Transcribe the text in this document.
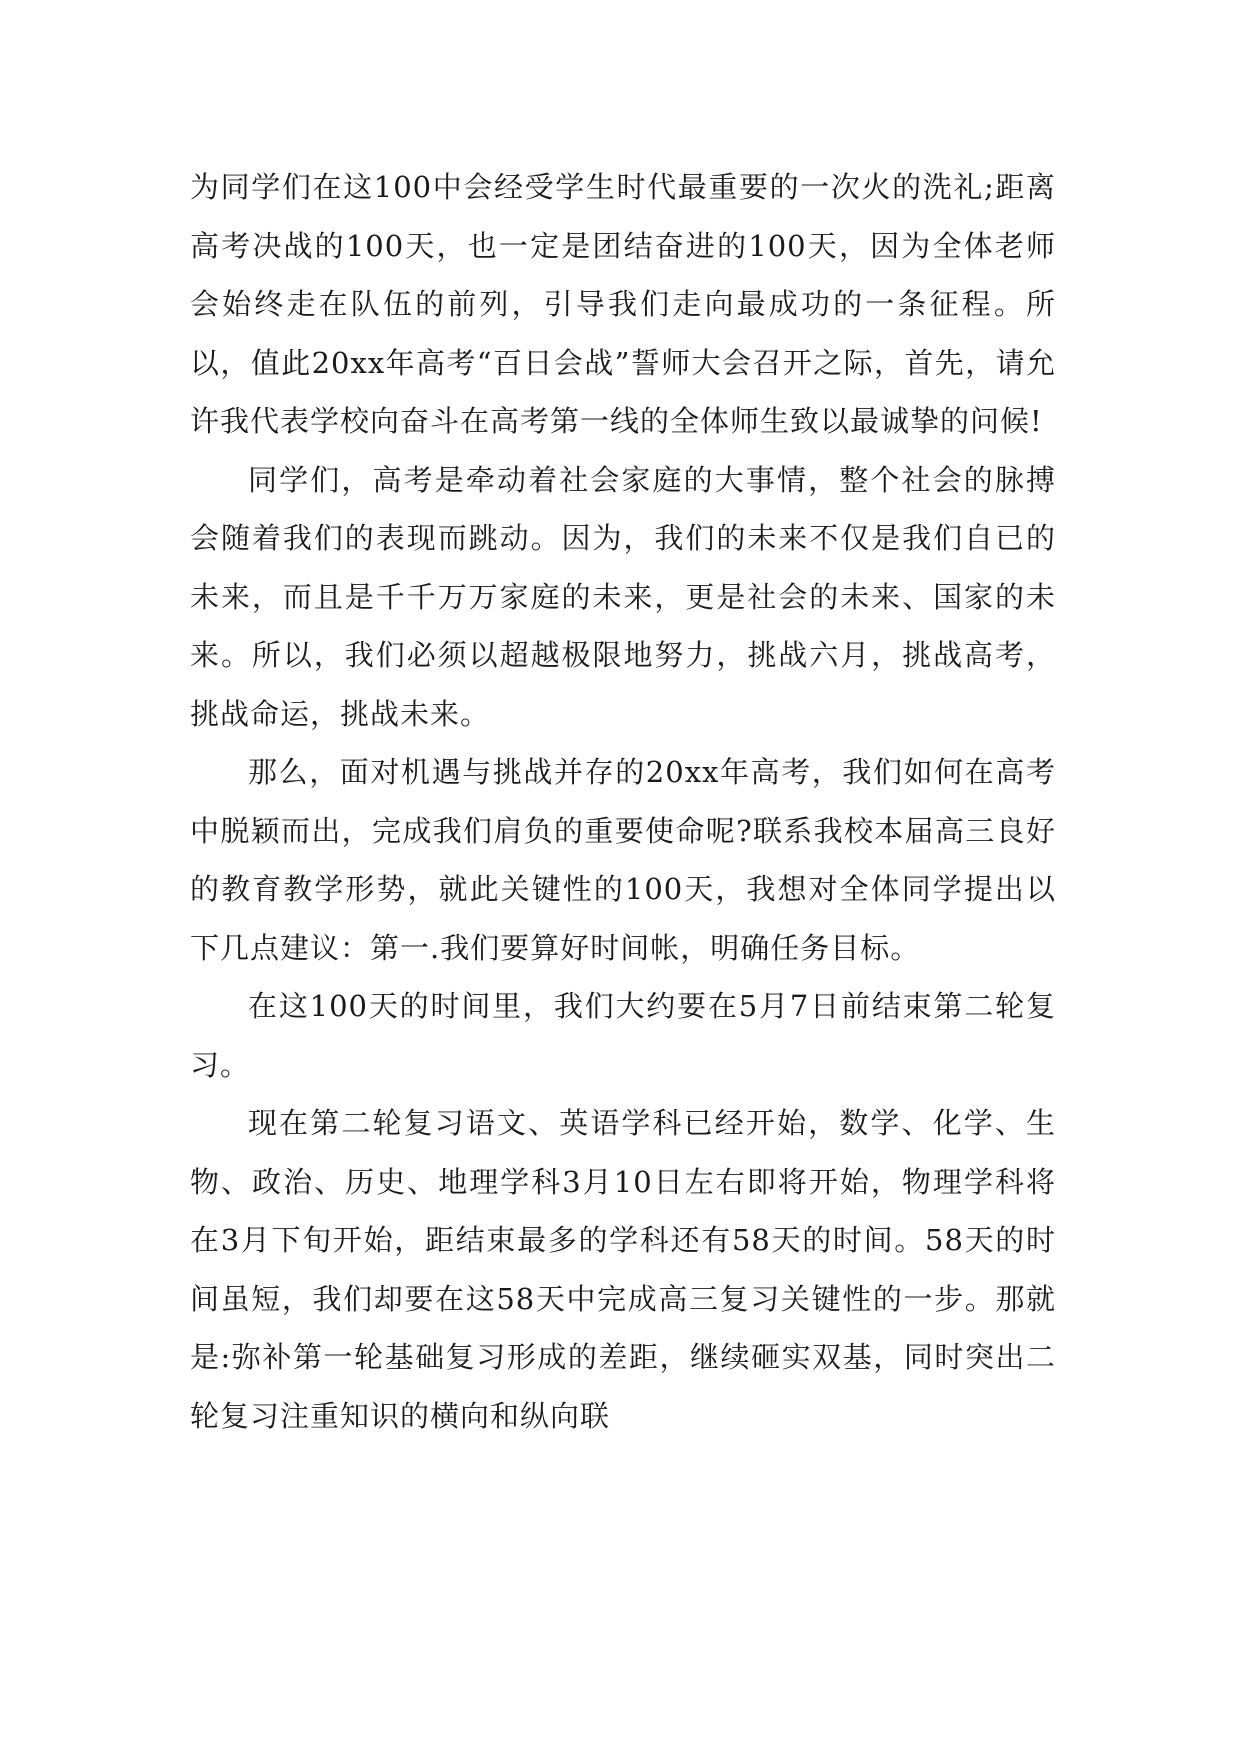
为同学们在这100中会经受学生时代最重要的一次火的洗礼;距离高考决战的100天，也一定是团结奋进的100天，因为全体老师会始终走在队伍的前列，引导我们走向最成功的一条征程。所以，值此20xx年高考“百日会战”誓师大会召开之际，首先，请允许我代表学校向奋斗在高考第一线的全体师生致以最诚挚的问候!

同学们，高考是牵动着社会家庭的大事情，整个社会的脉搏会随着我们的表现而跳动。因为，我们的未来不仅是我们自已的未来，而且是千千万万家庭的未来，更是社会的未来、国家的未来。所以，我们必须以超越极限地努力，挑战六月，挑战高考，挑战命运，挑战未来。

那么，面对机遇与挑战并存的20xx年高考，我们如何在高考中脱颖而出，完成我们肩负的重要使命呢?联系我校本届高三良好的教育教学形势，就此关键性的100天，我想对全体同学提出以下几点建议：第一.我们要算好时间帐，明确任务目标。

在这100天的时间里，我们大约要在5月7日前结束第二轮复习。

现在第二轮复习语文、英语学科已经开始，数学、化学、生物、政治、历史、地理学科3月10日左右即将开始，物理学科将在3月下旬开始，距结束最多的学科还有58天的时间。58天的时间虽短，我们却要在这58天中完成高三复习关键性的一步。那就是:弥补第一轮基础复习形成的差距，继续砸实双基，同时突出二轮复习注重知识的横向和纵向联
